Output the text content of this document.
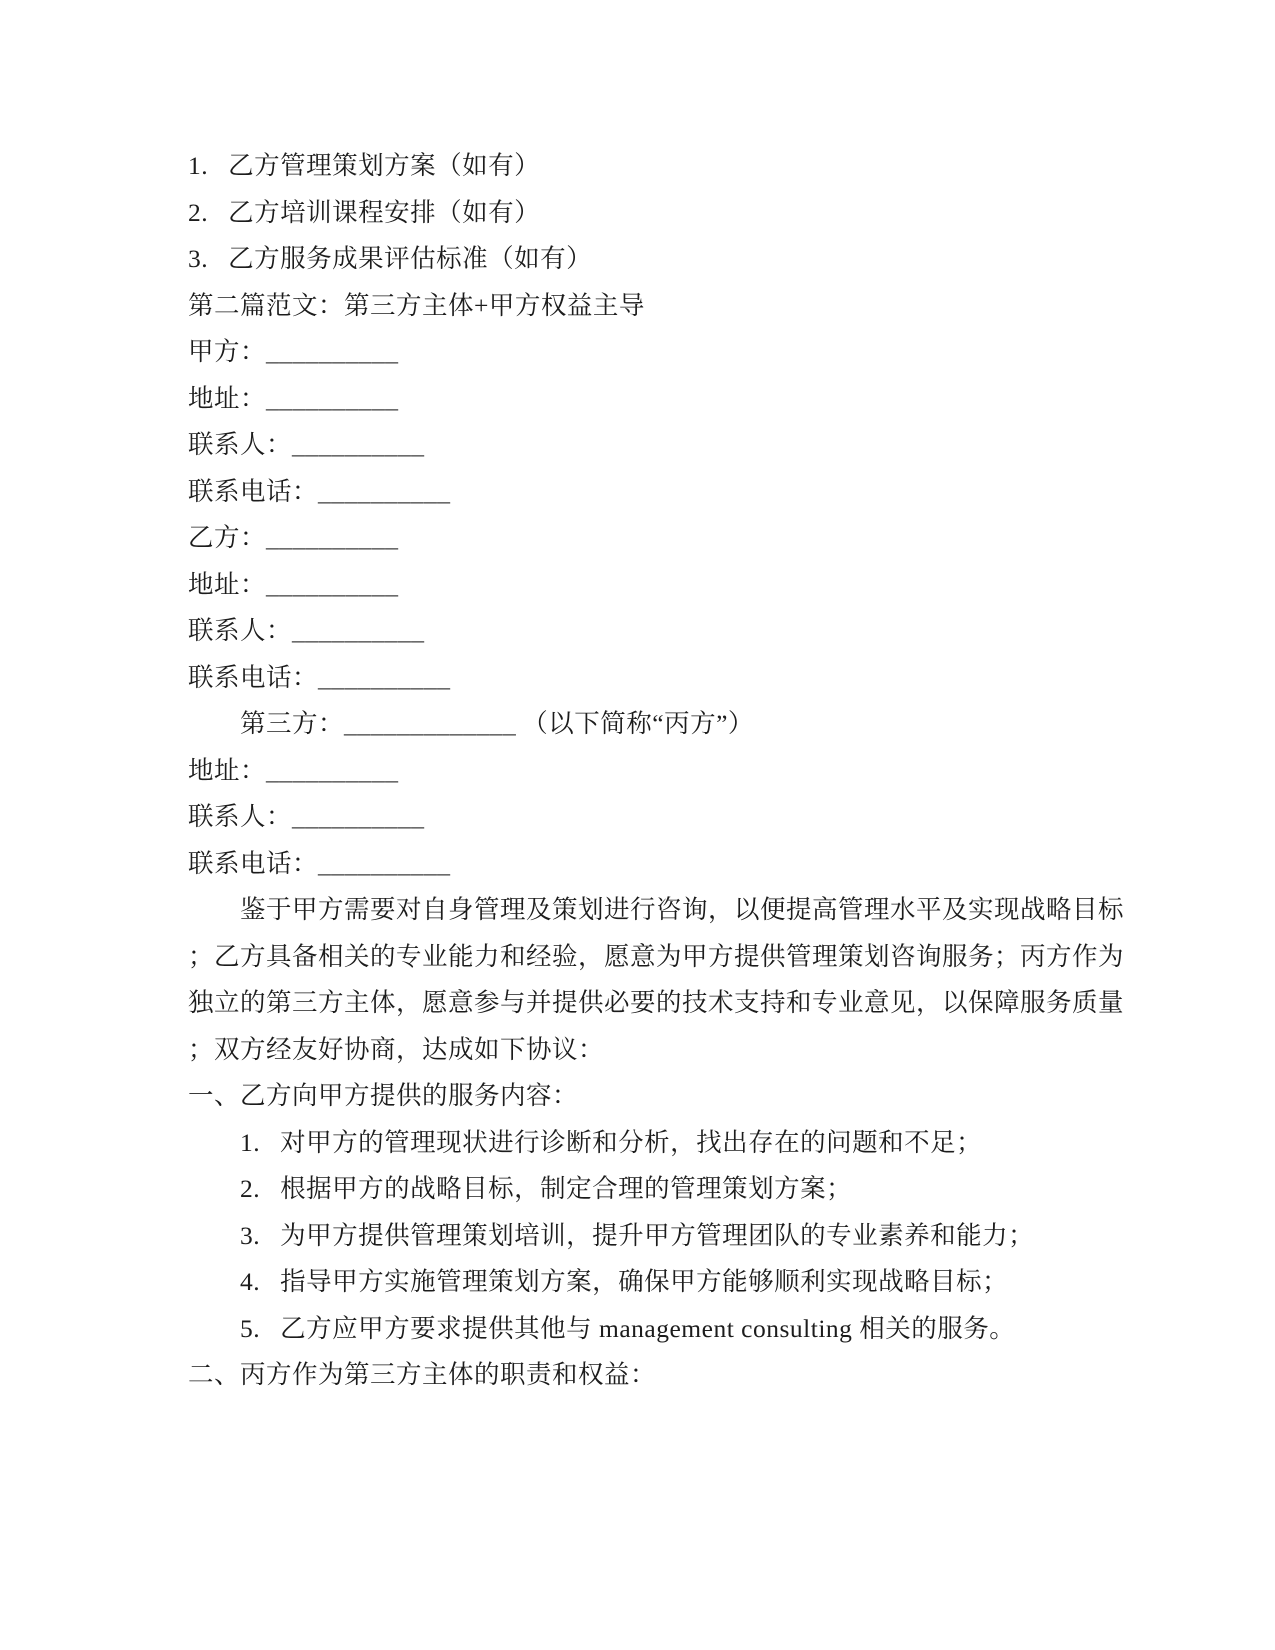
1. 乙方管理策划方案（如有）
2. 乙方培训课程安排（如有）
3. 乙方服务成果评估标准（如有）
第二篇范文：第三方主体+甲方权益主导
甲方：__________
地址：__________
联系人：__________
联系电话：__________
乙方：__________
地址：__________
联系人：__________
联系电话：__________
第三方：_____________ （以下简称“丙方”）
地址：__________
联系人：__________
联系电话：__________
鉴于甲方需要对自身管理及策划进行咨询，以便提高管理水平及实现战略目标
；乙方具备相关的专业能力和经验，愿意为甲方提供管理策划咨询服务；丙方作为
独立的第三方主体，愿意参与并提供必要的技术支持和专业意见，以保障服务质量
；双方经友好协商，达成如下协议：
一、乙方向甲方提供的服务内容：
1. 对甲方的管理现状进行诊断和分析，找出存在的问题和不足；
2. 根据甲方的战略目标，制定合理的管理策划方案；
3. 为甲方提供管理策划培训，提升甲方管理团队的专业素养和能力；
4. 指导甲方实施管理策划方案，确保甲方能够顺利实现战略目标；
5. 乙方应甲方要求提供其他与 management consulting 相关的服务。
二、丙方作为第三方主体的职责和权益：
